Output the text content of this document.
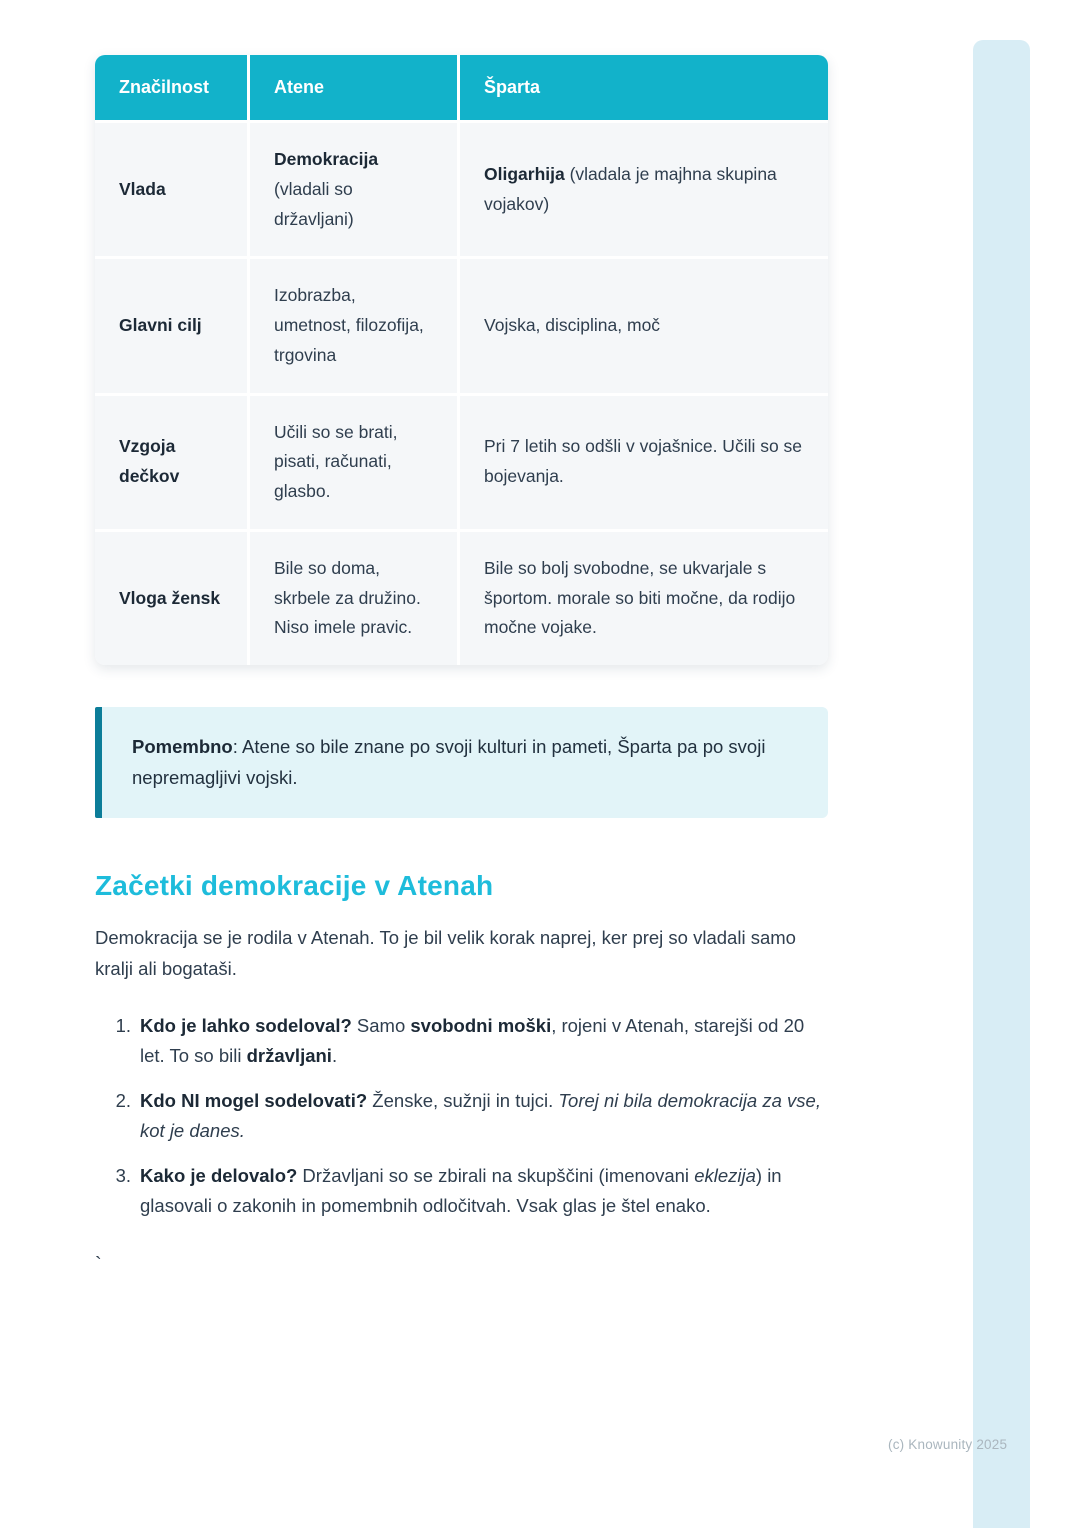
Značilnost	Atene	Šparta
Vlada	Demokracija (vladali so državljani)	Oligarhija (vladala je majhna skupina vojakov)
Glavni cilj	Izobrazba, umetnost, filozofija, trgovina	Vojska, disciplina, moč
Vzgoja dečkov	Učili so se brati, pisati, računati, glasbo.	Pri 7 letih so odšli v vojašnice. Učili so se bojevanja.
Vloga žensk	Bile so doma, skrbele za družino. Niso imele pravic.	Bile so bolj svobodne, se ukvarjale s športom. morale so biti močne, da rodijo močne vojake.
Pomembno: Atene so bile znane po svoji kulturi in pameti, Šparta pa po svoji nepremagljivi vojski.
Začetki demokracije v Atenah

Demokracija se je rodila v Atenah. To je bil velik korak naprej, ker prej so vladali samo kralji ali bogataši.

1. Kdo je lahko sodeloval? Samo svobodni moški, rojeni v Atenah, starejši od 20 let. To so bili državljani.
2. Kdo NI mogel sodelovati? Ženske, sužnji in tujci. Torej ni bila demokracija za vse, kot je danes.
3. Kako je delovalo? Državljani so se zbirali na skupščini (imenovani eklezija) in glasovali o zakonih in pomembnih odločitvah. Vsak glas je štel enako.
`
(c) Knowunity 2025
